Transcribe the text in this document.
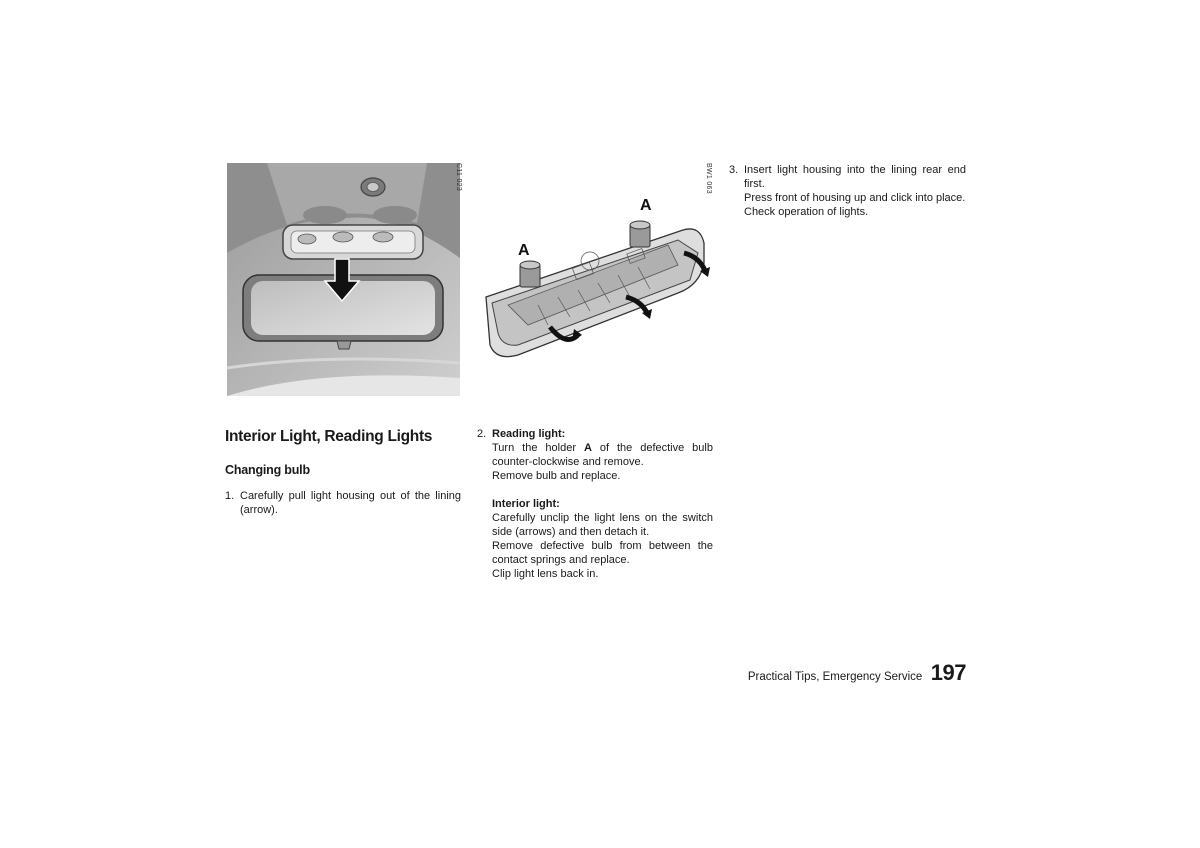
C11 023
A
A
BW1 063
Interior Light, Reading Lights
Changing bulb
1. Carefully pull light housing out of the lining (arrow).
2. Reading light:
Turn the holder A of the defective bulb counter-clockwise and remove.
Remove bulb and replace.
Interior light:
Carefully unclip the light lens on the switch side (arrows) and then detach it.
Remove defective bulb from between the contact springs and replace.
Clip light lens back in.
3. Insert light housing into the lining rear end first.
Press front of housing up and click into place.
Check operation of lights.
Practical Tips, Emergency Service 197
